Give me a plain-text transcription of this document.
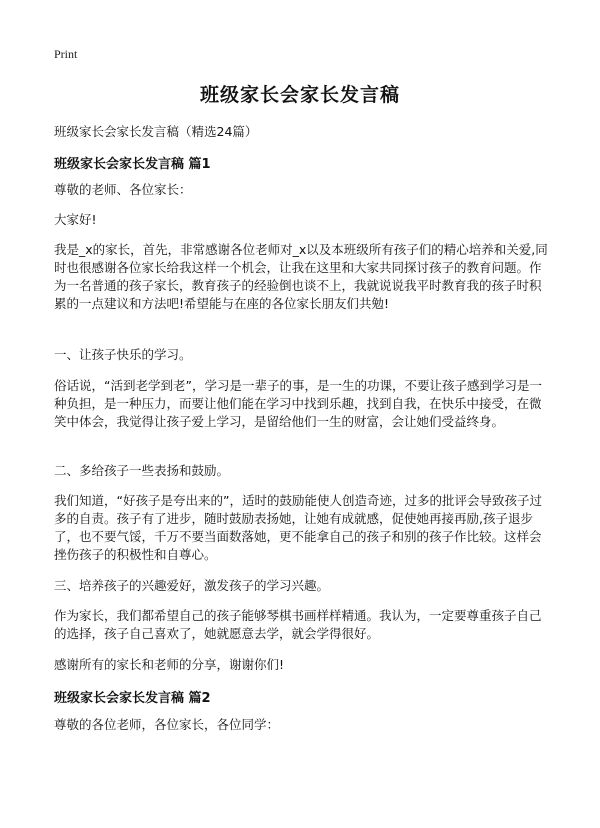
Print
班级家长会家长发言稿
班级家长会家长发言稿（精选24篇）
班级家长会家长发言稿 篇1

尊敬的老师、各位家长：

大家好!

我是_x的家长，首先，非常感谢各位老师对_x以及本班级所有孩子们的精心培养和关爱,同时也很感谢各位家长给我这样一个机会，让我在这里和大家共同探讨孩子的教育问题。作为一名普通的孩子家长，教育孩子的经验倒也谈不上，我就说说我平时教育我的孩子时积累的一点建议和方法吧!希望能与在座的各位家长朋友们共勉!

一、让孩子快乐的学习。

俗话说，“活到老学到老”，学习是一辈子的事，是一生的功课，不要让孩子感到学习是一种负担，是一种压力，而要让他们能在学习中找到乐趣，找到自我，在快乐中接受，在微笑中体会，我觉得让孩子爱上学习，是留给他们一生的财富，会让她们受益终身。

二、多给孩子一些表扬和鼓励。

我们知道，“好孩子是夸出来的”，适时的鼓励能使人创造奇迹，过多的批评会导致孩子过多的自责。孩子有了进步，随时鼓励表扬她，让她有成就感，促使她再接再励,孩子退步了，也不要气馁，千万不要当面数落她，更不能拿自己的孩子和别的孩子作比较。这样会挫伤孩子的积极性和自尊心。

三、培养孩子的兴趣爱好，激发孩子的学习兴趣。

作为家长，我们都希望自己的孩子能够琴棋书画样样精通。我认为，一定要尊重孩子自己的选择，孩子自己喜欢了，她就愿意去学，就会学得很好。

感谢所有的家长和老师的分享，谢谢你们!

班级家长会家长发言稿 篇2

尊敬的各位老师，各位家长，各位同学：
